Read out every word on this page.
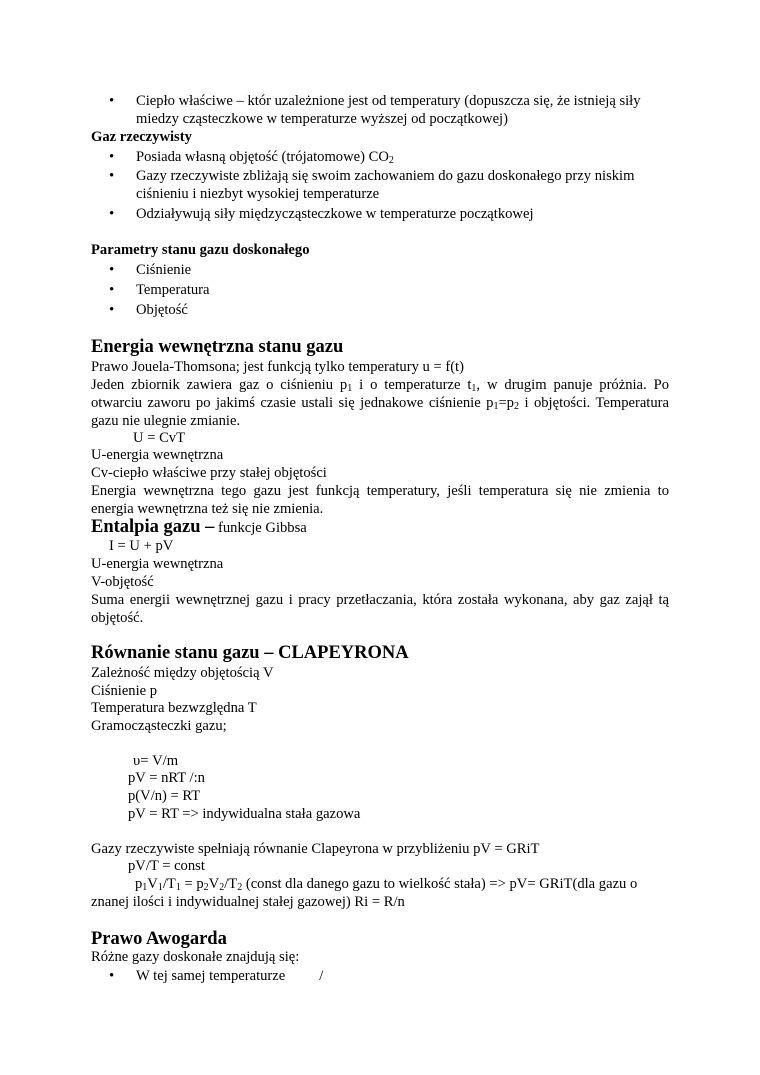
• Ciepło właściwe – któr uzależnione jest od temperatury (dopuszcza się, że istnieją siły miedzy cząsteczkowe w temperaturze wyższej od początkowej)
Gaz rzeczywisty
• Posiada własną objętość (trójatomowe) $CO_2$
• Gazy rzeczywiste zbliżają się swoim zachowaniem do gazu doskonałego przy niskim ciśnieniu i niezbyt wysokiej temperaturze
• Odziaływują siły międzycząsteczkowe w temperaturze początkowej
Parametry stanu gazu doskonałego
• Ciśnienie
• Temperatura
• Objętość
Energia wewnętrzna stanu gazu
Prawo Jouela-Thomsona; jest funkcją tylko temperatury u = f(t)
Jeden zbiornik zawiera gaz o ciśnieniu $p_1$ i o temperaturze $t_1$, w drugim panuje próżnia. Po otwarciu zaworu po jakimś czasie ustali się jednakowe ciśnienie $p_1=p_2$ i objętości. Temperatura gazu nie ulegnie zmianie.
U = CvT
U-energia wewnętrzna
Cv-ciepło właściwe przy stałej objętości
Energia wewnętrzna tego gazu jest funkcją temperatury, jeśli temperatura się nie zmienia to energia wewnętrzna też się nie zmienia.
Entalpia gazu – funkcje Gibbsa
I = U + pV
U-energia wewnętrzna
V-objętość
Suma energii wewnętrznej gazu i pracy przetłaczania, która została wykonana, aby gaz zajął tą objętość.
Równanie stanu gazu – CLAPEYRONA
Zależność między objętością V
Ciśnienie p
Temperatura bezwzględna T
Gramocząsteczki gazu;
υ= V/m
pV = nRT /:n
p(V/n) = RT
pV = RT => indywidualna stała gazowa
Gazy rzeczywiste spełniają równanie Clapeyrona w przybliżeniu pV = GRiT
pV/T = const
$p_1V_1/T_1 = p_2V_2/T_2$ (const dla danego gazu to wielkość stała) => pV= GRiT(dla gazu o
znanej ilości i indywidualnej stałej gazowej) Ri = R/n
Prawo Awogarda
Różne gazy doskonałe znajdują się:
• W tej samej temperaturze /
